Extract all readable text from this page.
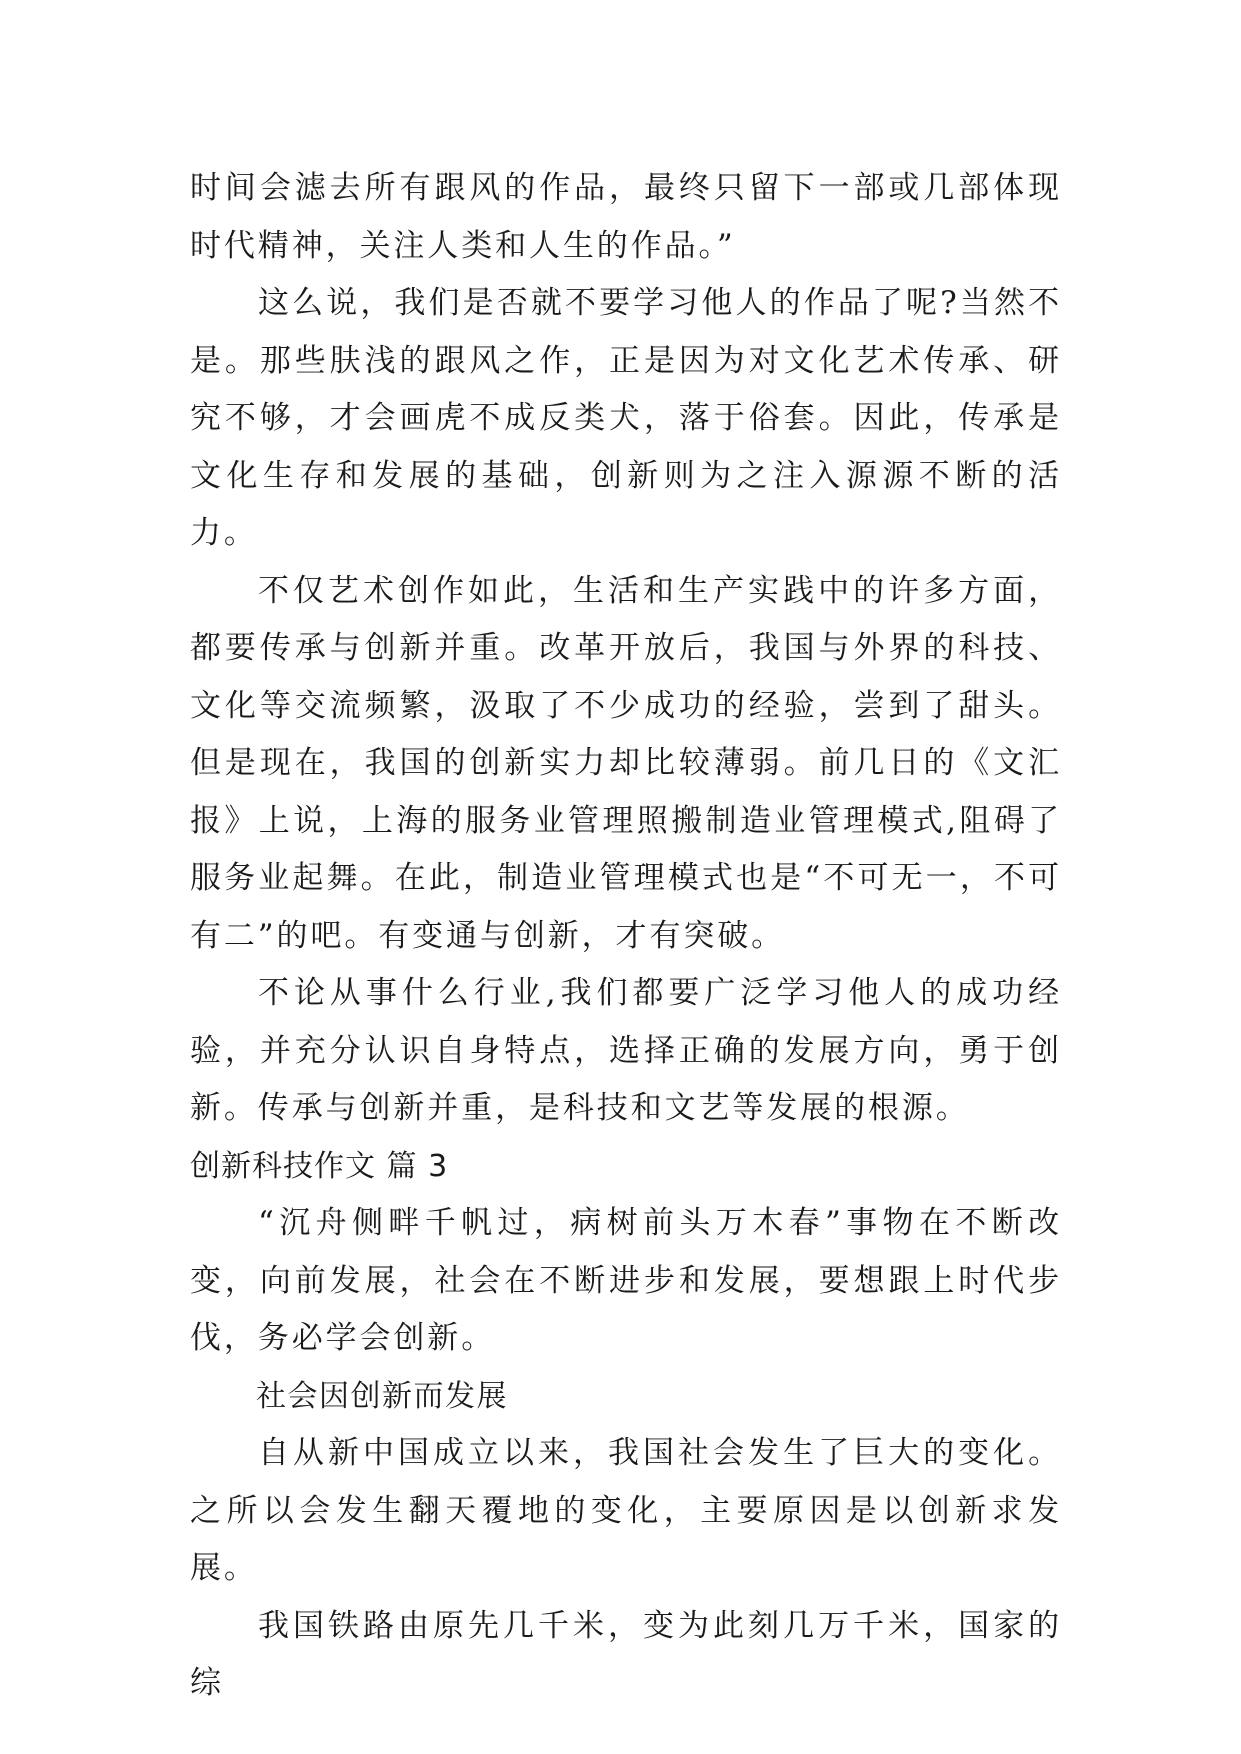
时间会滤去所有跟风的作品，最终只留下一部或几部体现时代精神，关注人类和人生的作品。”

这么说，我们是否就不要学习他人的作品了呢?当然不是。那些肤浅的跟风之作，正是因为对文化艺术传承、研究不够，才会画虎不成反类犬，落于俗套。因此，传承是文化生存和发展的基础，创新则为之注入源源不断的活力。

不仅艺术创作如此，生活和生产实践中的许多方面，都要传承与创新并重。改革开放后，我国与外界的科技、文化等交流频繁，汲取了不少成功的经验，尝到了甜头。但是现在，我国的创新实力却比较薄弱。前几日的《文汇报》上说，上海的服务业管理照搬制造业管理模式,阻碍了服务业起舞。在此，制造业管理模式也是“不可无一，不可有二”的吧。有变通与创新，才有突破。

不论从事什么行业,我们都要广泛学习他人的成功经验，并充分认识自身特点，选择正确的发展方向，勇于创新。传承与创新并重，是科技和文艺等发展的根源。

创新科技作文 篇 3

“沉舟侧畔千帆过，病树前头万木春”事物在不断改变，向前发展，社会在不断进步和发展，要想跟上时代步伐，务必学会创新。

社会因创新而发展

自从新中国成立以来，我国社会发生了巨大的变化。之所以会发生翻天覆地的变化，主要原因是以创新求发展。

我国铁路由原先几千米，变为此刻几万千米，国家的综
